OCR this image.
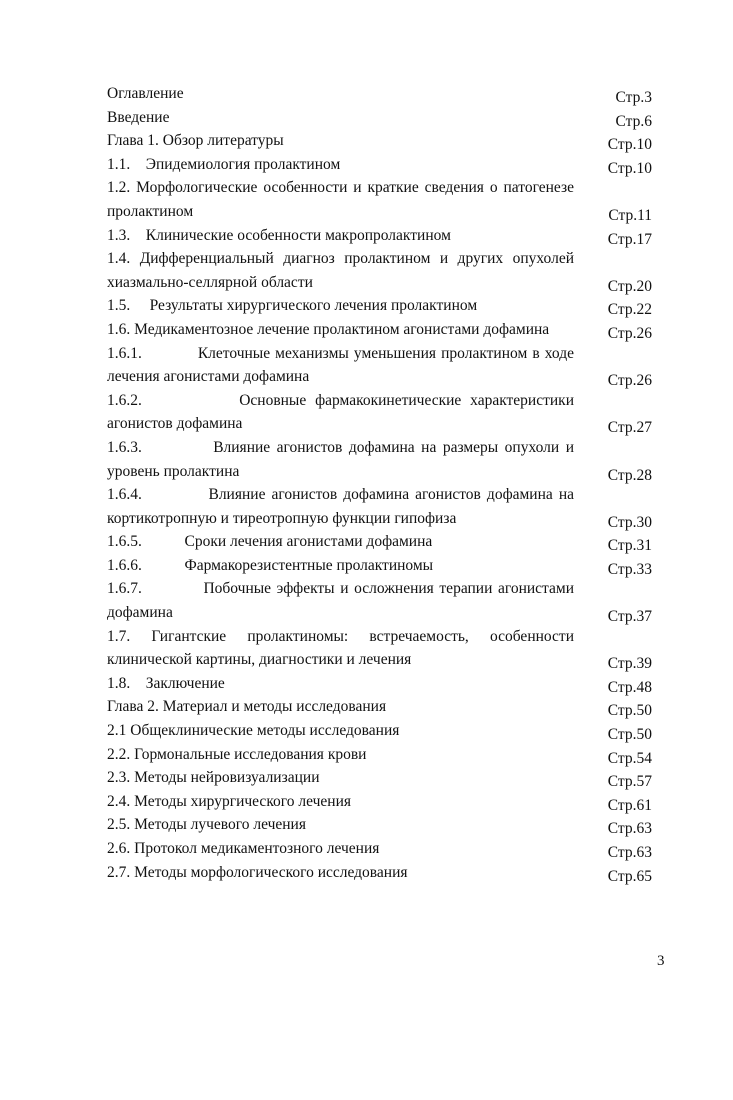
Оглавление	Стр.3
Введение	Стр.6
Глава 1. Обзор литературы	Стр.10
1.1.    Эпидемиология пролактином	Стр.10
1.2. Морфологические особенности и краткие сведения о патогенезе пролактином	Стр.11
1.3.    Клинические особенности макропролактином	Стр.17
1.4. Дифференциальный диагноз пролактином и других опухолей хиазмально-селлярной области	Стр.20
1.5.     Результаты хирургического лечения пролактином	Стр.22
1.6. Медикаментозное лечение пролактином агонистами дофамина	Стр.26
1.6.1.           Клеточные механизмы уменьшения пролактином в ходе лечения агонистами дофамина	Стр.26
1.6.2.           Основные фармакокинетические характеристики агонистов дофамина	Стр.27
1.6.3.           Влияние агонистов дофамина на размеры опухоли и уровень пролактина	Стр.28
1.6.4.           Влияние агонистов дофамина агонистов дофамина на кортикотропную и тиреотропную функции гипофиза	Стр.30
1.6.5.           Сроки лечения агонистами дофамина	Стр.31
1.6.6.           Фармакорезистентные пролактиномы	Стр.33
1.6.7.           Побочные эффекты и осложнения терапии агонистами дофамина	Стр.37
1.7. Гигантские пролактиномы: встречаемость, особенности клинической картины, диагностики и лечения	Стр.39
1.8.    Заключение	Стр.48
Глава 2. Материал и методы исследования	Стр.50
2.1 Общеклинические методы исследования	Стр.50
2.2. Гормональные исследования крови	Стр.54
2.3. Методы нейровизуализации	Стр.57
2.4. Методы хирургического лечения	Стр.61
2.5. Методы лучевого лечения	Стр.63
2.6. Протокол медикаментозного лечения	Стр.63
2.7. Методы морфологического исследования	Стр.65
3
